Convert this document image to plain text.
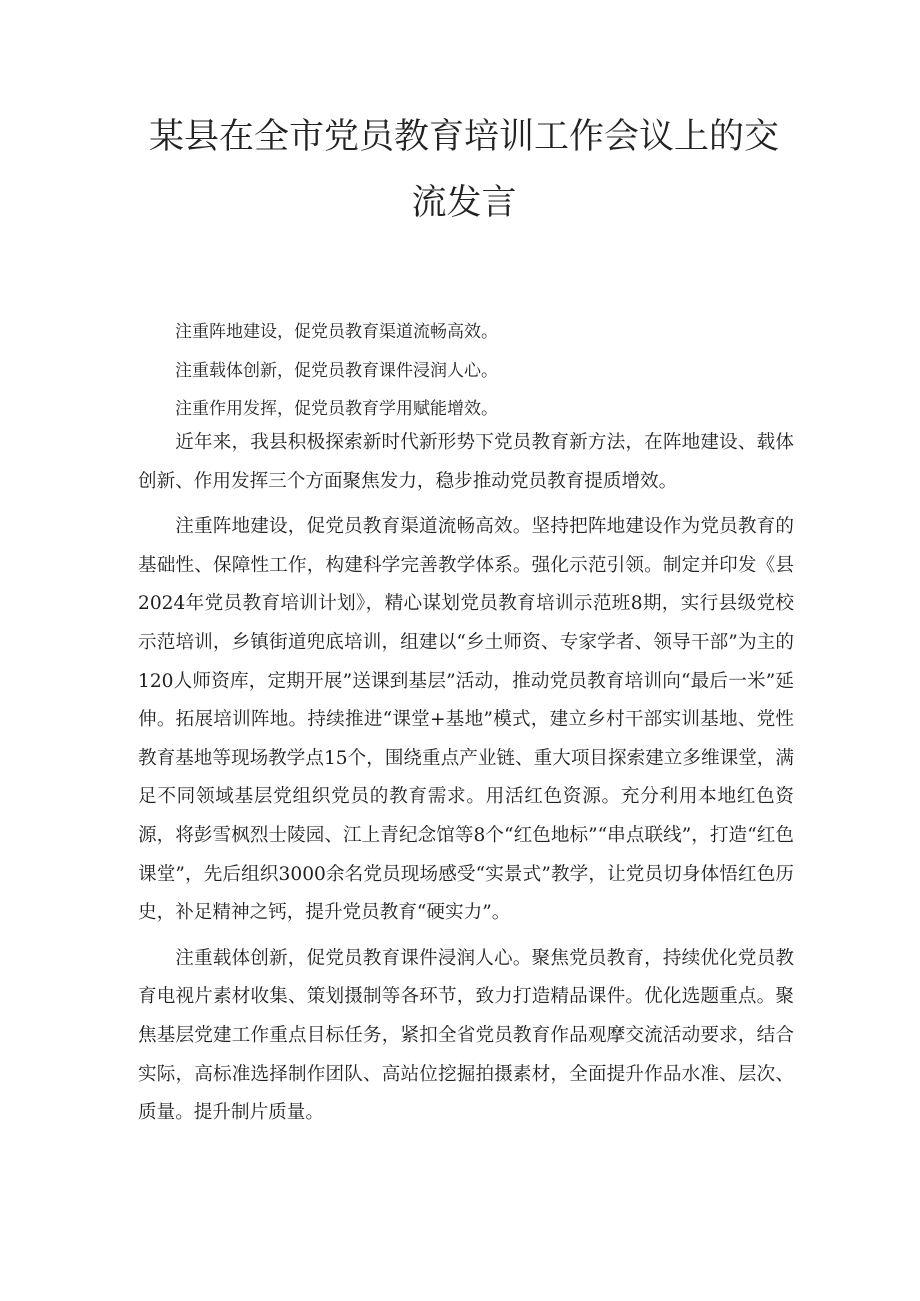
某县在全市党员教育培训工作会议上的交流发言
注重阵地建设，促党员教育渠道流畅高效。
注重载体创新，促党员教育课件浸润人心。
注重作用发挥，促党员教育学用赋能增效。

近年来，我县积极探索新时代新形势下党员教育新方法，在阵地建设、载体创新、作用发挥三个方面聚焦发力，稳步推动党员教育提质增效。

注重阵地建设，促党员教育渠道流畅高效。坚持把阵地建设作为党员教育的基础性、保障性工作，构建科学完善教学体系。强化示范引领。制定并印发《县2024年党员教育培训计划》，精心谋划党员教育培训示范班8期，实行县级党校示范培训，乡镇街道兜底培训，组建以“乡土师资、专家学者、领导干部”为主的120人师资库，定期开展”送课到基层”活动，推动党员教育培训向“最后一米”延伸。拓展培训阵地。持续推进“课堂+基地”模式，建立乡村干部实训基地、党性教育基地等现场教学点15个，围绕重点产业链、重大项目探索建立多维课堂，满足不同领域基层党组织党员的教育需求。用活红色资源。充分利用本地红色资源，将彭雪枫烈士陵园、江上青纪念馆等8个“红色地标”“串点联线”，打造“红色课堂”，先后组织3000余名党员现场感受“实景式”教学，让党员切身体悟红色历史，补足精神之钙，提升党员教育“硬实力”。

注重载体创新，促党员教育课件浸润人心。聚焦党员教育，持续优化党员教育电视片素材收集、策划摄制等各环节，致力打造精品课件。优化选题重点。聚焦基层党建工作重点目标任务，紧扣全省党员教育作品观摩交流活动要求，结合实际，高标准选择制作团队、高站位挖掘拍摄素材，全面提升作品水准、层次、质量。提升制片质量。
